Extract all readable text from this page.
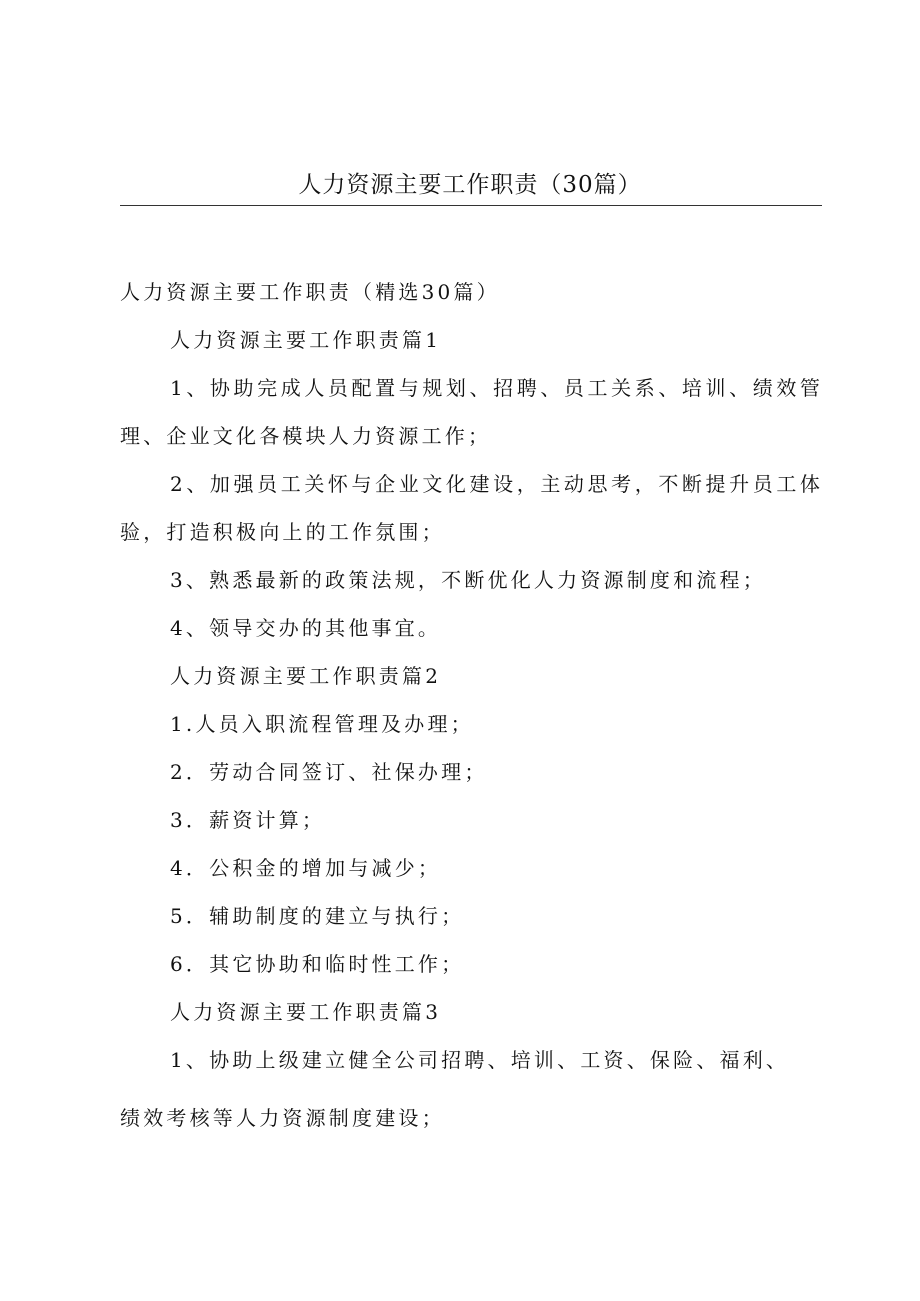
人力资源主要工作职责（30篇）

人力资源主要工作职责（精选30篇）

人力资源主要工作职责篇1

1、协助完成人员配置与规划、招聘、员工关系、培训、绩效管

理、企业文化各模块人力资源工作；

2、加强员工关怀与企业文化建设，主动思考，不断提升员工体

验，打造积极向上的工作氛围；

3、熟悉最新的政策法规，不断优化人力资源制度和流程；

4、领导交办的其他事宜。

人力资源主要工作职责篇2

1.人员入职流程管理及办理；

2．劳动合同签订、社保办理；

3．薪资计算；

4．公积金的增加与减少；

5．辅助制度的建立与执行；

6．其它协助和临时性工作；

人力资源主要工作职责篇3

1、协助上级建立健全公司招聘、培训、工资、保险、福利、

绩效考核等人力资源制度建设；
